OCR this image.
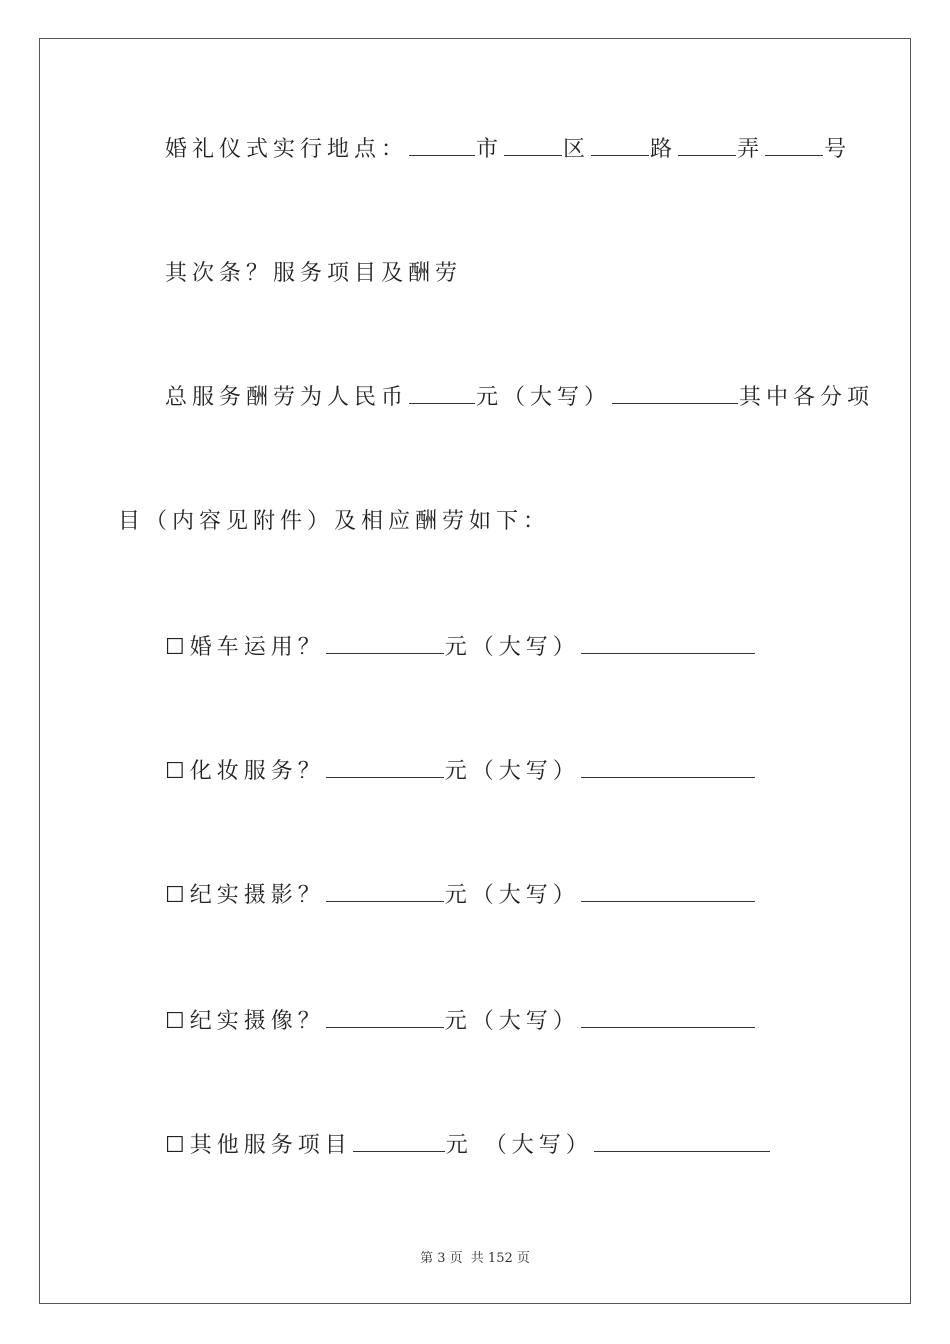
婚礼仪式实行地点：	市	区	路	弄	号
其次条？服务项目及酬劳
总服务酬劳为人民币	元（大写）	其中各分项
目（内容见附件）及相应酬劳如下：
☐婚车运用？	元（大写）
☐化妆服务？	元（大写）
☐纪实摄影？	元（大写）
☐纪实摄像？	元（大写）
☐其他服务项目	元 （大写）
第 3 页 共 152 页
